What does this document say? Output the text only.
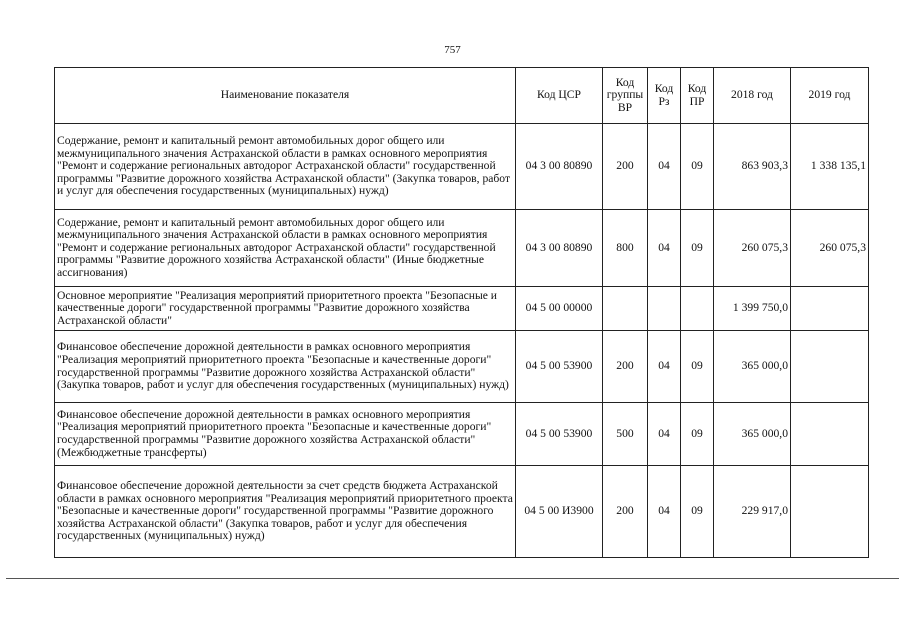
757
Наименование показателя	Код ЦСР	Код группы ВР	Код Рз	Код ПР	2018 год	2019 год
Содержание, ремонт и капитальный ремонт автомобильных дорог общего или межмуниципального значения Астраханской области в рамках основного мероприятия "Ремонт и содержание региональных автодорог Астраханской области" государственной программы "Развитие дорожного хозяйства Астраханской области" (Закупка товаров, работ и услуг для обеспечения государственных (муниципальных) нужд)	04 3 00 80890	200	04	09	863 903,3	1 338 135,1
Содержание, ремонт и капитальный ремонт автомобильных дорог общего или межмуниципального значения Астраханской области в рамках основного мероприятия "Ремонт и содержание региональных автодорог Астраханской области" государственной программы "Развитие дорожного хозяйства Астраханской области" (Иные бюджетные ассигнования)	04 3 00 80890	800	04	09	260 075,3	260 075,3
Основное мероприятие "Реализация мероприятий приоритетного проекта "Безопасные и качественные дороги" государственной программы "Развитие дорожного хозяйства Астраханской области"	04 5 00 00000				1 399 750,0	
Финансовое обеспечение дорожной деятельности в рамках основного мероприятия "Реализация мероприятий приоритетного проекта "Безопасные и качественные дороги" государственной программы "Развитие дорожного хозяйства Астраханской области" (Закупка товаров, работ и услуг для обеспечения государственных (муниципальных) нужд)	04 5 00 53900	200	04	09	365 000,0	
Финансовое обеспечение дорожной деятельности в рамках основного мероприятия "Реализация мероприятий приоритетного проекта "Безопасные и качественные дороги" государственной программы "Развитие дорожного хозяйства Астраханской области" (Межбюджетные трансферты)	04 5 00 53900	500	04	09	365 000,0	
Финансовое обеспечение дорожной деятельности за счет средств бюджета Астраханской области в рамках основного мероприятия "Реализация мероприятий приоритетного проекта "Безопасные и качественные дороги" государственной программы "Развитие дорожного хозяйства Астраханской области" (Закупка товаров, работ и услуг для обеспечения государственных (муниципальных) нужд)	04 5 00 И3900	200	04	09	229 917,0	
